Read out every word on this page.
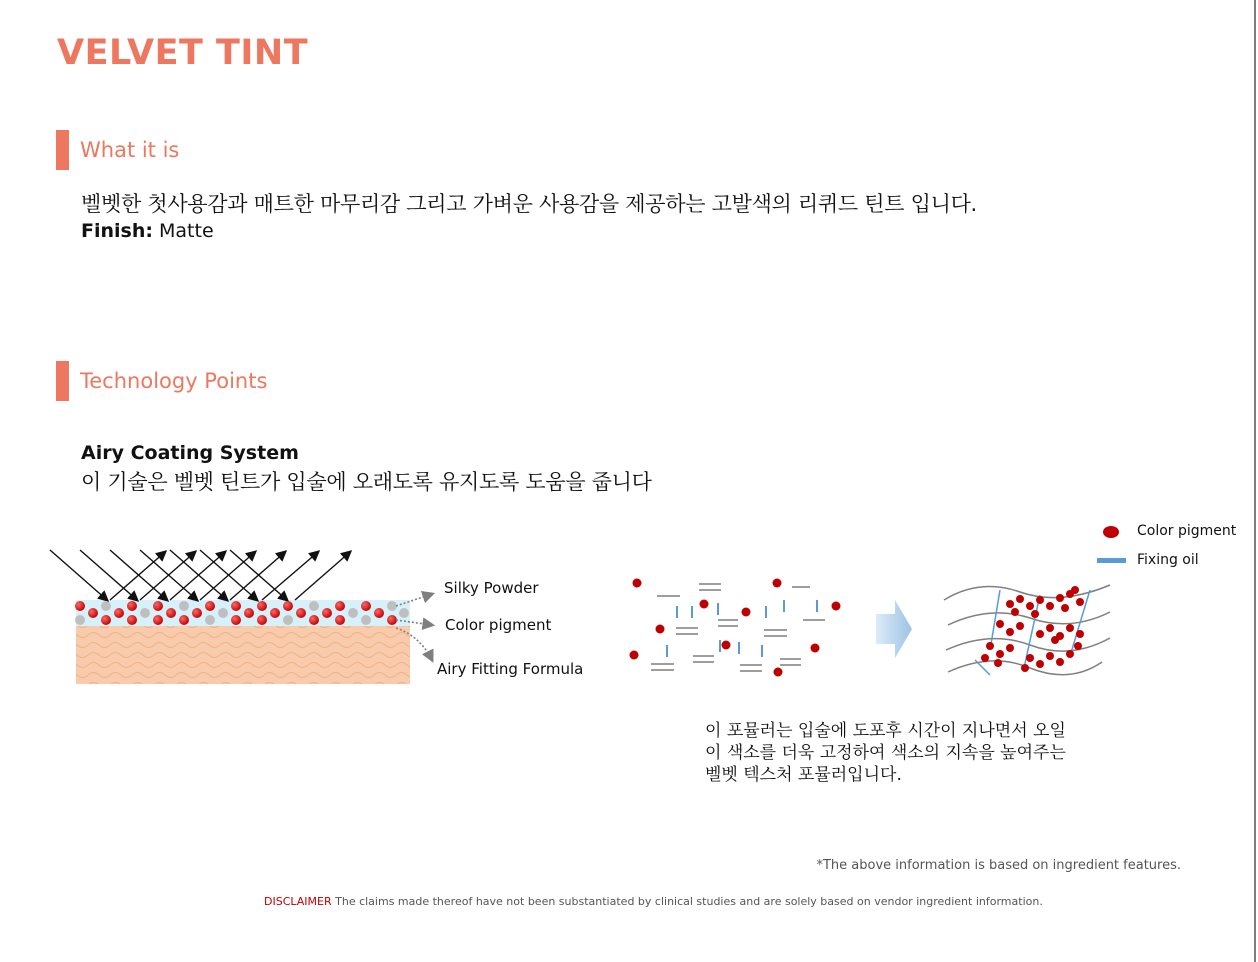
VELVET TINT
What it is
벨벳한 첫사용감과 매트한 마무리감 그리고 가벼운 사용감을 제공하는 고발색의 리퀴드 틴트 입니다.
Finish: Matte
Technology Points
Airy Coating System
이 기술은 벨벳 틴트가 입술에 오래도록 유지도록 도움을 줍니다
Silky Powder
Color pigment
Airy Fitting Formula
Color pigment
Fixing oil
이 포뮬러는 입술에 도포후 시간이 지나면서 오일
이 색소를 더욱 고정하여 색소의 지속을 높여주는
벨벳 텍스처 포뮬러입니다.
*The above information is based on ingredient features.
DISCLAIMER The claims made thereof have not been substantiated by clinical studies and are solely based on vendor ingredient information.
